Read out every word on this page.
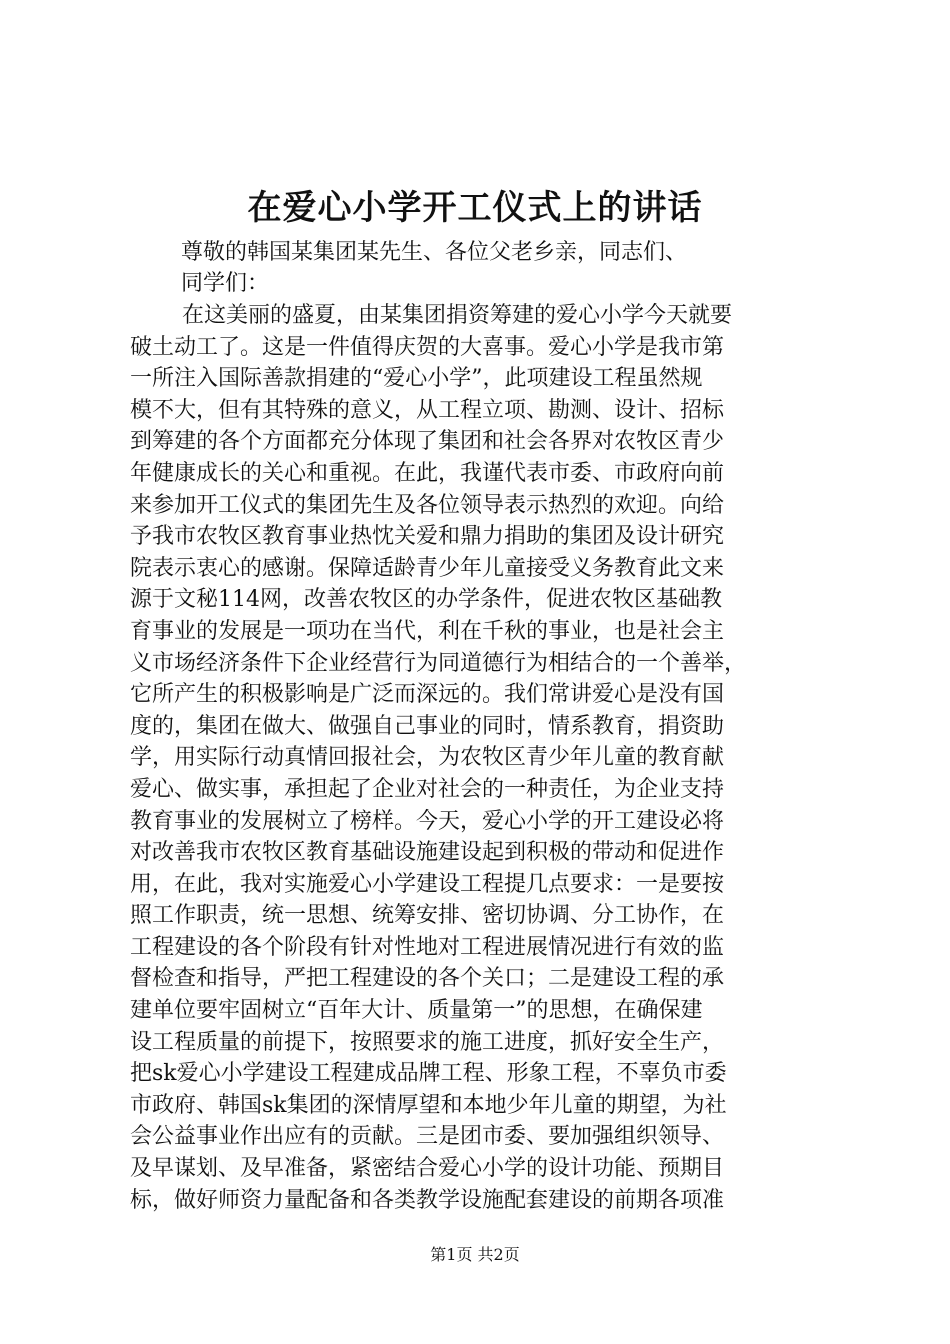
在爱心小学开工仪式上的讲话
尊敬的韩国某集团某先生、各位父老乡亲，同志们、
同学们：
在这美丽的盛夏，由某集团捐资筹建的爱心小学今天就要
破土动工了。这是一件值得庆贺的大喜事。爱心小学是我市第
一所注入国际善款捐建的“爱心小学”，此项建设工程虽然规
模不大，但有其特殊的意义，从工程立项、勘测、设计、招标
到筹建的各个方面都充分体现了集团和社会各界对农牧区青少
年健康成长的关心和重视。在此，我谨代表市委、市政府向前
来参加开工仪式的集团先生及各位领导表示热烈的欢迎。向给
予我市农牧区教育事业热忱关爱和鼎力捐助的集团及设计研究
院表示衷心的感谢。保障适龄青少年儿童接受义务教育此文来
源于文秘114网，改善农牧区的办学条件，促进农牧区基础教
育事业的发展是一项功在当代，利在千秋的事业，也是社会主
义市场经济条件下企业经营行为同道德行为相结合的一个善举，
它所产生的积极影响是广泛而深远的。我们常讲爱心是没有国
度的，集团在做大、做强自己事业的同时，情系教育，捐资助
学，用实际行动真情回报社会，为农牧区青少年儿童的教育献
爱心、做实事，承担起了企业对社会的一种责任，为企业支持
教育事业的发展树立了榜样。今天，爱心小学的开工建设必将
对改善我市农牧区教育基础设施建设起到积极的带动和促进作
用，在此，我对实施爱心小学建设工程提几点要求：一是要按
照工作职责，统一思想、统筹安排、密切协调、分工协作，在
工程建设的各个阶段有针对性地对工程进展情况进行有效的监
督检查和指导，严把工程建设的各个关口；二是建设工程的承
建单位要牢固树立“百年大计、质量第一”的思想，在确保建
设工程质量的前提下，按照要求的施工进度，抓好安全生产，
把sk爱心小学建设工程建成品牌工程、形象工程，不辜负市委
市政府、韩国sk集团的深情厚望和本地少年儿童的期望，为社
会公益事业作出应有的贡献。三是团市委、要加强组织领导、
及早谋划、及早准备，紧密结合爱心小学的设计功能、预期目
标，做好师资力量配备和各类教学设施配套建设的前期各项准
第1页 共2页
